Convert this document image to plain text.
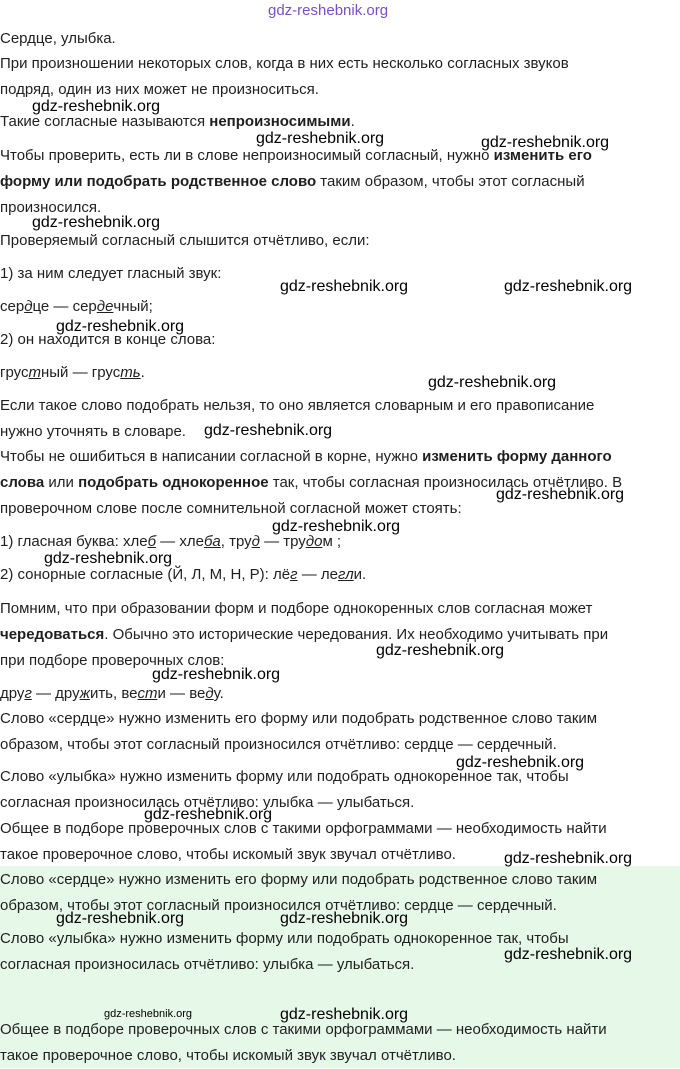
Сердце, улыбка.

При произношении некоторых слов, когда в них есть несколько согласных звуков

подряд, один из них может не произноситься.

Такие согласные называются непроизносимыми.

Чтобы проверить, есть ли в слове непроизносимый согласный, нужно изменить его

форму или подобрать родственное слово таким образом, чтобы этот согласный

произносился.

Проверяемый согласный слышится отчётливо, если:

1) за ним следует гласный звук:

сердце — сердечный;

2) он находится в конце слова:

грустный — грусть.

Если такое слово подобрать нельзя, то оно является словарным и его правописание

нужно уточнять в словаре.

Чтобы не ошибиться в написании согласной в корне, нужно изменить форму данного

слова или подобрать однокоренное так, чтобы согласная произносилась отчётливо. В

проверочном слове после сомнительной согласной может стоять:

1) гласная буква: хлеб — хлеба, труд — трудом ;

2) сонорные согласные (Й, Л, М, Н, Р): лёг — легли.

Помним, что при образовании форм и подборе однокоренных слов согласная может

чередоваться. Обычно это исторические чередования. Их необходимо учитывать при

при подборе проверочных слов:

друг — дружить, вести — веду.

Слово «сердце» нужно изменить его форму или подобрать родственное слово таким

образом, чтобы этот согласный произносился отчётливо: сердце — сердечный.

Слово «улыбка» нужно изменить форму или подобрать однокоренное так, чтобы

согласная произносилась отчётливо: улыбка — улыбаться.

Общее в подборе проверочных слов с такими орфограммами — необходимость найти

такое проверочное слово, чтобы искомый звук звучал отчётливо.

Слово «сердце» нужно изменить его форму или подобрать родственное слово таким

образом, чтобы этот согласный произносился отчётливо: сердце — сердечный.

Слово «улыбка» нужно изменить форму или подобрать однокоренное так, чтобы

согласная произносилась отчётливо: улыбка — улыбаться.

Общее в подборе проверочных слов с такими орфограммами — необходимость найти

такое проверочное слово, чтобы искомый звук звучал отчётливо.

gdz-reshebnik.org
gdz-reshebnik.org
gdz-reshebnik.org	gdz-reshebnik.org
gdz-reshebnik.org
gdz-reshebnik.org	gdz-reshebnik.org
gdz-reshebnik.org
gdz-reshebnik.org
gdz-reshebnik.org
gdz-reshebnik.org
gdz-reshebnik.org
gdz-reshebnik.org
gdz-reshebnik.org
gdz-reshebnik.org
gdz-reshebnik.org
gdz-reshebnik.org
gdz-reshebnik.org
gdz-reshebnik.org	gdz-reshebnik.org
gdz-reshebnik.org
gdz-reshebnik.org	gdz-reshebnik.org
